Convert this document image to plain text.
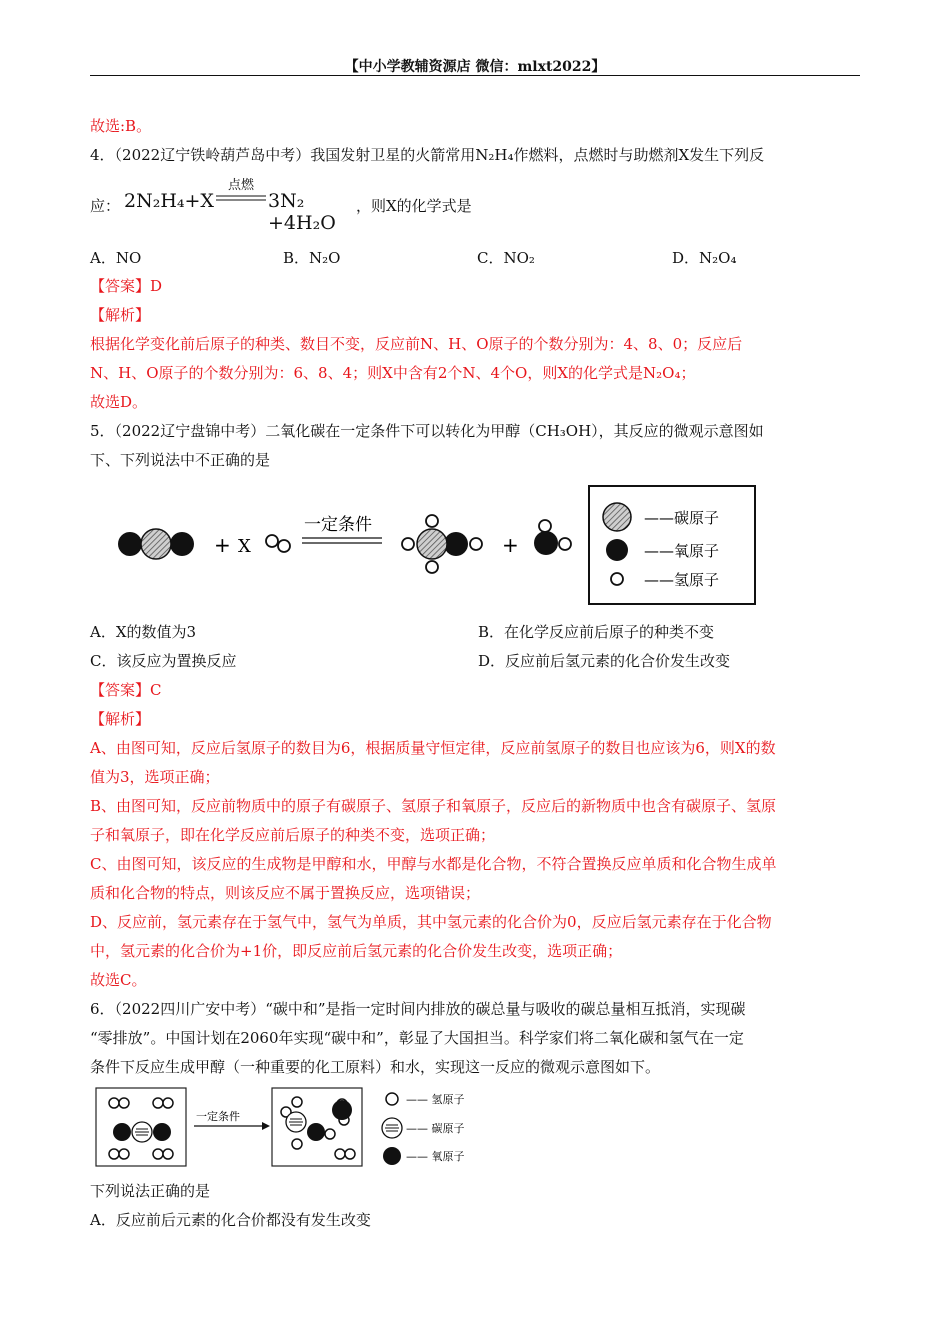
【中小学教辅资源店 微信：mlxt2022】
故选:B。
4．（2022辽宁铁岭葫芦岛中考）我国发射卫星的火箭常用N₂H₄作燃料，点燃时与助燃剂X发生下列反
应： 2N₂H₄+X
点燃
3N₂ +4H₂O
，则X的化学式是
A．NO	B．N₂O	C．NO₂	D．N₂O₄
【答案】D
【解析】
根据化学变化前后原子的种类、数目不变，反应前N、H、O原子的个数分别为：4、8、0；反应后
N、H、O原子的个数分别为：6、8、4；则X中含有2个N、4个O，则X的化学式是N₂O₄；
故选D。
5．（2022辽宁盘锦中考）二氧化碳在一定条件下可以转化为甲醇（CH₃OH），其反应的微观示意图如
下、下列说法中不正确的是
+ X
一定条件
+
——碳原子
——氧原子
——氢原子
A．X的数值为3	B．在化学反应前后原子的种类不变
C．该反应为置换反应	D．反应前后氢元素的化合价发生改变
【答案】C
【解析】
A、由图可知，反应后氢原子的数目为6，根据质量守恒定律，反应前氢原子的数目也应该为6，则X的数
值为3，选项正确；
B、由图可知，反应前物质中的原子有碳原子、氢原子和氧原子，反应后的新物质中也含有碳原子、氢原
子和氧原子，即在化学反应前后原子的种类不变，选项正确；
C、由图可知，该反应的生成物是甲醇和水，甲醇与水都是化合物，不符合置换反应单质和化合物生成单
质和化合物的特点，则该反应不属于置换反应，选项错误；
D、反应前，氢元素存在于氢气中，氢气为单质，其中氢元素的化合价为0，反应后氢元素存在于化合物
中，氢元素的化合价为+1价，即反应前后氢元素的化合价发生改变，选项正确；
故选C。
6．（2022四川广安中考）“碳中和”是指一定时间内排放的碳总量与吸收的碳总量相互抵消，实现碳
“零排放”。中国计划在2060年实现“碳中和”，彰显了大国担当。科学家们将二氧化碳和氢气在一定
条件下反应生成甲醇（一种重要的化工原料）和水，实现这一反应的微观示意图如下。
一定条件
—— 氢原子
—— 碳原子
—— 氧原子
下列说法正确的是
A．反应前后元素的化合价都没有发生改变
